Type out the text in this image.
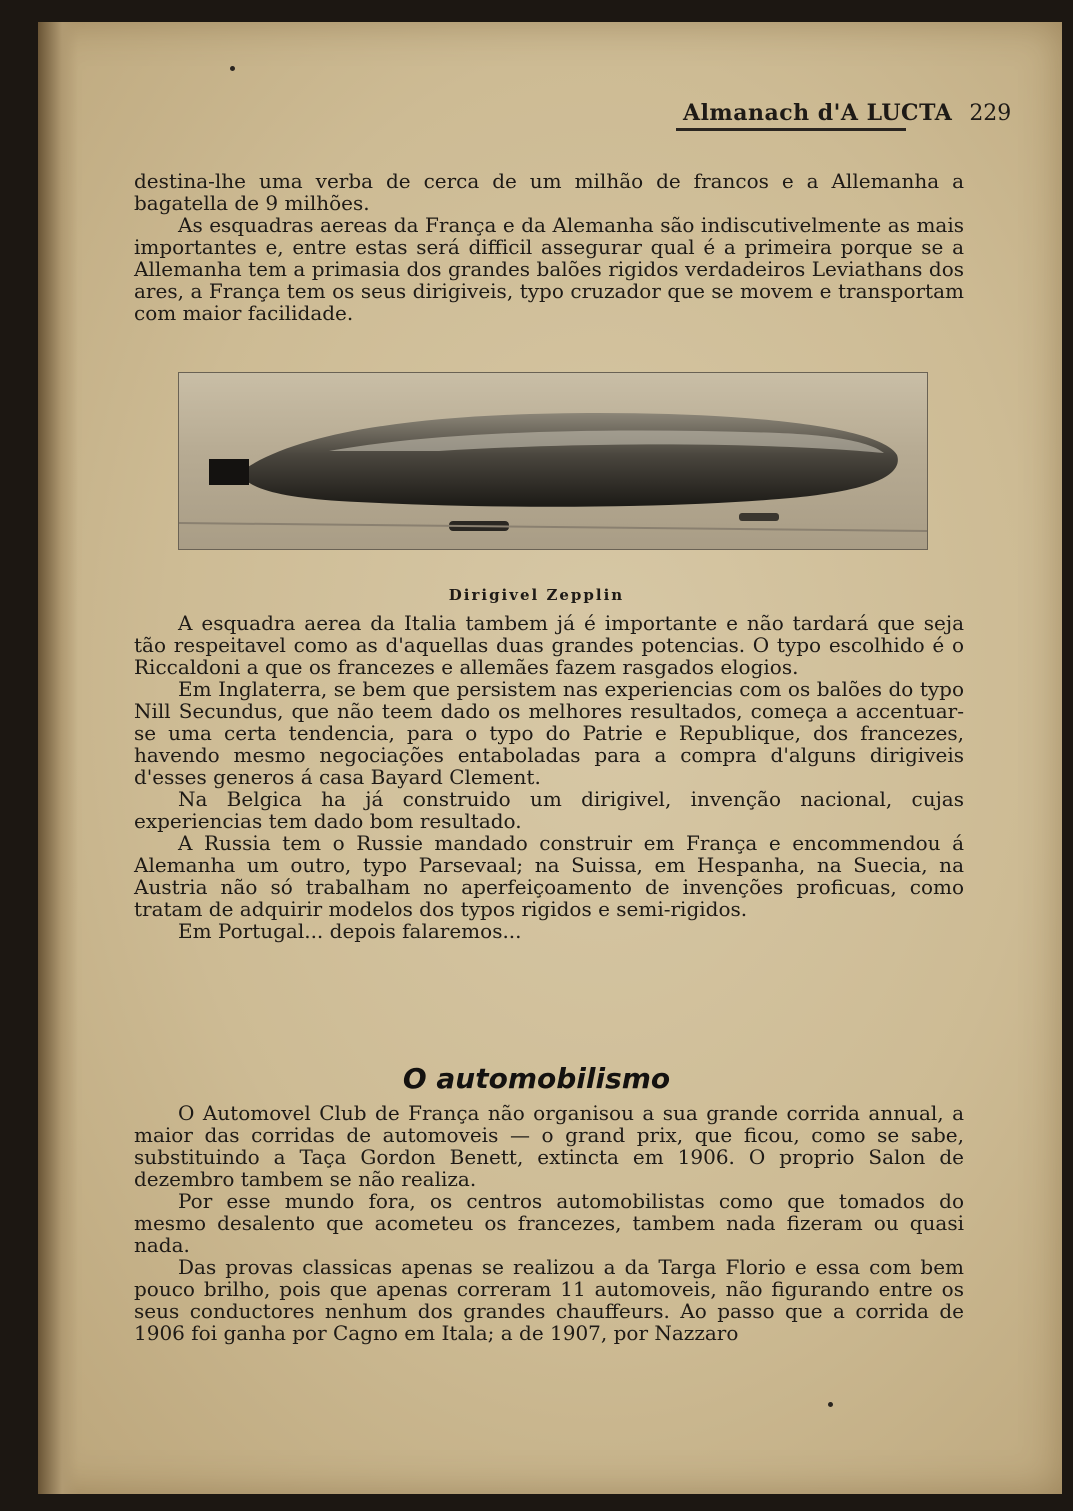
Almanach d'A LUCTA 229

destina-lhe uma verba de cerca de um milhão de francos e a Allemanha a bagatella de 9 milhões.

As esquadras aereas da França e da Alemanha são indiscutivelmente as mais importantes e, entre estas será difficil assegurar qual é a primeira porque se a Allemanha tem a primasia dos grandes balões rigidos verdadeiros Leviathans dos ares, a França tem os seus dirigiveis, typo cruzador que se movem e transportam com maior facilidade.

Dirigivel Zepplin

A esquadra aerea da Italia tambem já é importante e não tardará que seja tão respeitavel como as d'aquellas duas grandes potencias. O typo escolhido é o Riccaldoni a que os francezes e allemães fazem rasgados elogios.

Em Inglaterra, se bem que persistem nas experiencias com os balões do typo Nill Secundus, que não teem dado os melhores resultados, começa a accentuar-se uma certa tendencia, para o typo do Patrie e Republique, dos francezes, havendo mesmo negociações entaboladas para a compra d'alguns dirigiveis d'esses generos á casa Bayard Clement.

Na Belgica ha já construido um dirigivel, invenção nacional, cujas experiencias tem dado bom resultado.

A Russia tem o Russie mandado construir em França e encommendou á Alemanha um outro, typo Parsevaal; na Suissa, em Hespanha, na Suecia, na Austria não só trabalham no aperfeiçoamento de invenções proficuas, como tratam de adquirir modelos dos typos rigidos e semi-rigidos.

Em Portugal... depois falaremos...

O automobilismo

O Automovel Club de França não organisou a sua grande corrida annual, a maior das corridas de automoveis — o grand prix, que ficou, como se sabe, substituindo a Taça Gordon Benett, extincta em 1906. O proprio Salon de dezembro tambem se não realiza.

Por esse mundo fora, os centros automobilistas como que tomados do mesmo desalento que acometeu os francezes, tambem nada fizeram ou quasi nada.

Das provas classicas apenas se realizou a da Targa Florio e essa com bem pouco brilho, pois que apenas correram 11 automoveis, não figurando entre os seus conductores nenhum dos grandes chauffeurs. Ao passo que a corrida de 1906 foi ganha por Cagno em Itala; a de 1907, por Nazzaro
